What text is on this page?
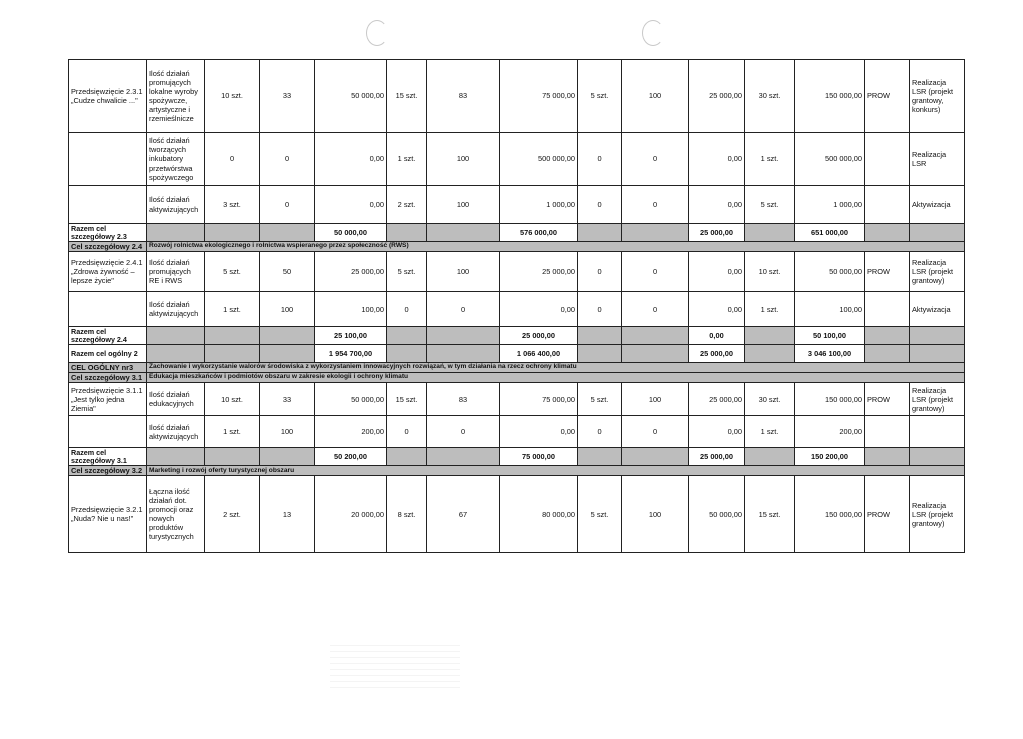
Przedsięwzięcie 2.3.1 „Cudze chwalicie ..."	Ilość działań promujących lokalne wyroby spożywcze, artystyczne i rzemieślnicze	10 szt.	33	50 000,00	15 szt.	83	75 000,00	5 szt.	100	25 000,00	30 szt.	150 000,00	PROW	Realizacja LSR (projekt grantowy, konkurs)
	Ilość działań tworzących inkubatory przetwórstwa spożywczego	0	0	0,00	1 szt.	100	500 000,00	0	0	0,00	1 szt.	500 000,00		Realizacja LSR
	Ilość działań aktywizujących	3 szt.	0	0,00	2 szt.	100	1 000,00	0	0	0,00	5 szt.	1 000,00		Aktywizacja
Razem cel szczegółowy 2.3				50 000,00			576 000,00			25 000,00		651 000,00		
Cel szczegółowy 2.4	Rozwój rolnictwa ekologicznego i rolnictwa wspieranego przez społeczność (RWS)													
Przedsięwzięcie 2.4.1 „Zdrowa żywność – lepsze życie"	Ilość działań promujących RE i RWS	5 szt.	50	25 000,00	5 szt.	100	25 000,00	0	0	0,00	10 szt.	50 000,00	PROW	Realizacja LSR (projekt grantowy)
	Ilość działań aktywizujących	1 szt.	100	100,00	0	0	0,00	0	0	0,00	1 szt.	100,00		Aktywizacja
Razem cel szczegółowy 2.4				25 100,00			25 000,00			0,00		50 100,00		
Razem cel ogólny 2				1 954 700,00			1 066 400,00			25 000,00		3 046 100,00		
CEL OGÓLNY nr3	Zachowanie i wykorzystanie walorów środowiska z wykorzystaniem innowacyjnych rozwiązań, w tym działania na rzecz ochrony klimatu													
Cel szczegółowy 3.1	Edukacja mieszkańców i podmiotów obszaru w zakresie ekologii i ochrony klimatu													
Przedsięwzięcie 3.1.1 „Jest tylko jedna Ziemia"	Ilość działań edukacyjnych	10 szt.	33	50 000,00	15 szt.	83	75 000,00	5 szt.	100	25 000,00	30 szt.	150 000,00	PROW	Realizacja LSR (projekt grantowy)
	Ilość działań aktywizujących	1 szt.	100	200,00	0	0	0,00	0	0	0,00	1 szt.	200,00		
Razem cel szczegółowy 3.1				50 200,00			75 000,00			25 000,00		150 200,00		
Cel szczegółowy 3.2	Marketing i rozwój oferty turystycznej obszaru													
Przedsięwzięcie 3.2.1 „Nuda? Nie u nas!"	Łączna ilość działań dot. promocji oraz nowych produktów turystycznych	2 szt.	13	20 000,00	8 szt.	67	80 000,00	5 szt.	100	50 000,00	15 szt.	150 000,00	PROW	Realizacja LSR (projekt grantowy)
